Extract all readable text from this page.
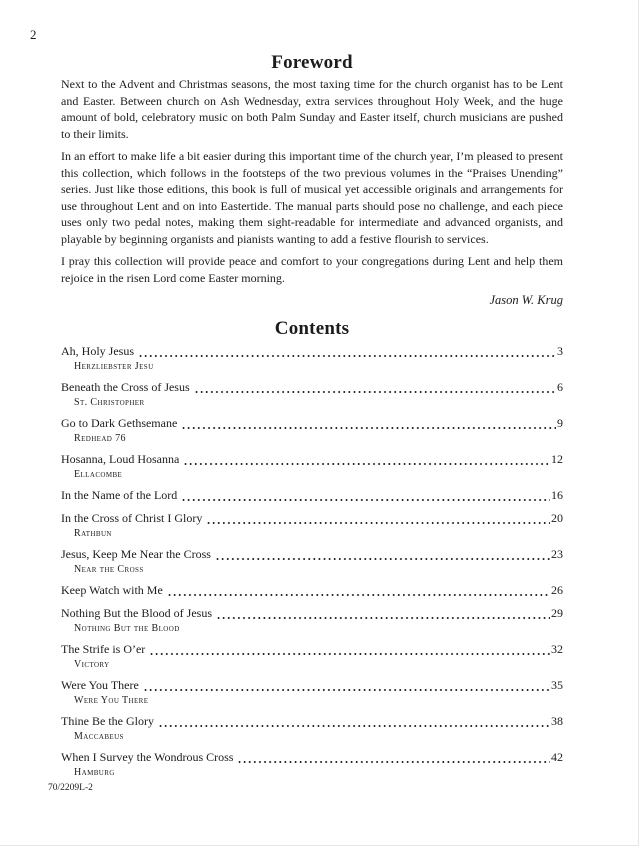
2
Foreword

Next to the Advent and Christmas seasons, the most taxing time for the church organist has to be Lent and Easter. Between church on Ash Wednesday, extra services throughout Holy Week, and the huge amount of bold, celebratory music on both Palm Sunday and Easter itself, church musicians are pushed to their limits.

In an effort to make life a bit easier during this important time of the church year, I’m pleased to present this collection, which follows in the footsteps of the two previous volumes in the “Praises Unending” series. Just like those editions, this book is full of musical yet accessible originals and arrangements for use throughout Lent and on into Eastertide. The manual parts should pose no challenge, and each piece uses only two pedal notes, making them sight-readable for intermediate and advanced organists, and playable by beginning organists and pianists wanting to add a festive flourish to services.

I pray this collection will provide peace and comfort to your congregations during Lent and help them rejoice in the risen Lord come Easter morning.

Jason W. Krug

Contents
Ah, Holy Jesus	3
Herzliebster Jesu
Beneath the Cross of Jesus	6
St. Christopher
Go to Dark Gethsemane	9
Redhead 76
Hosanna, Loud Hosanna	12
Ellacombe
In the Name of the Lord	16
In the Cross of Christ I Glory	20
Rathbun
Jesus, Keep Me Near the Cross	23
Near the Cross
Keep Watch with Me	26
Nothing But the Blood of Jesus	29
Nothing But the Blood
The Strife is O’er	32
Victory
Were You There	35
Were You There
Thine Be the Glory	38
Maccabeus
When I Survey the Wondrous Cross	42
Hamburg
70/2209L-2
